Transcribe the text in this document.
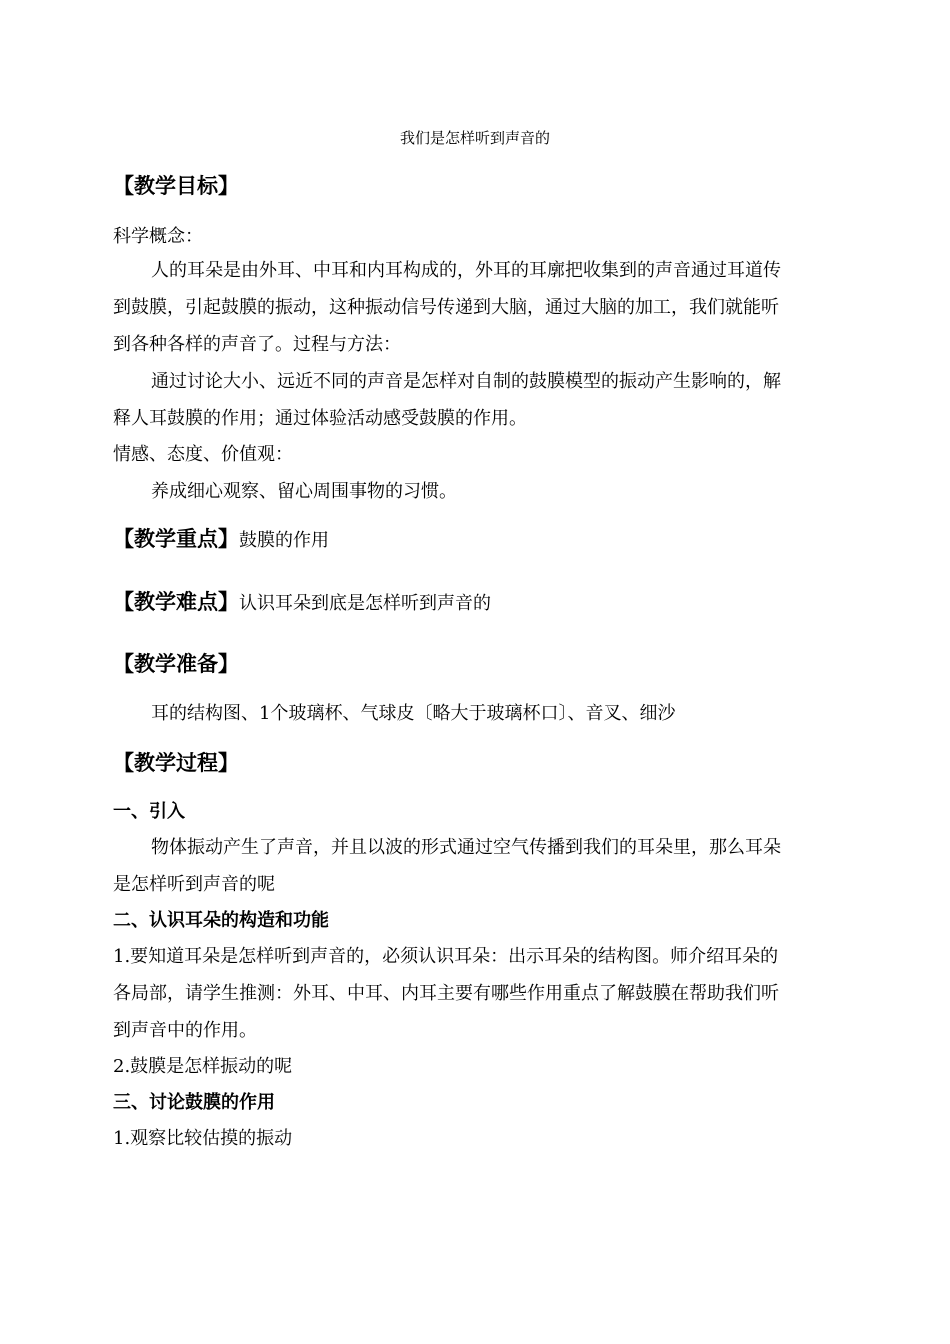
我们是怎样听到声音的
【教学目标】
科学概念：
人的耳朵是由外耳、中耳和内耳构成的，外耳的耳廓把收集到的声音通过耳道传
到鼓膜，引起鼓膜的振动，这种振动信号传递到大脑，通过大脑的加工，我们就能听
到各种各样的声音了。过程与方法：
通过讨论大小、远近不同的声音是怎样对自制的鼓膜模型的振动产生影响的，解
释人耳鼓膜的作用；通过体验活动感受鼓膜的作用。
情感、态度、价值观：
养成细心观察、留心周围事物的习惯。
【教学重点】鼓膜的作用
【教学难点】认识耳朵到底是怎样听到声音的
【教学准备】
耳的结构图、1个玻璃杯、气球皮〔略大于玻璃杯口〕、音叉、细沙
【教学过程】
一、引入
物体振动产生了声音，并且以波的形式通过空气传播到我们的耳朵里，那么耳朵
是怎样听到声音的呢
二、认识耳朵的构造和功能
1.要知道耳朵是怎样听到声音的，必须认识耳朵：出示耳朵的结构图。师介绍耳朵的
各局部，请学生推测：外耳、中耳、内耳主要有哪些作用重点了解鼓膜在帮助我们听
到声音中的作用。
2.鼓膜是怎样振动的呢
三、讨论鼓膜的作用
1.观察比较估摸的振动
